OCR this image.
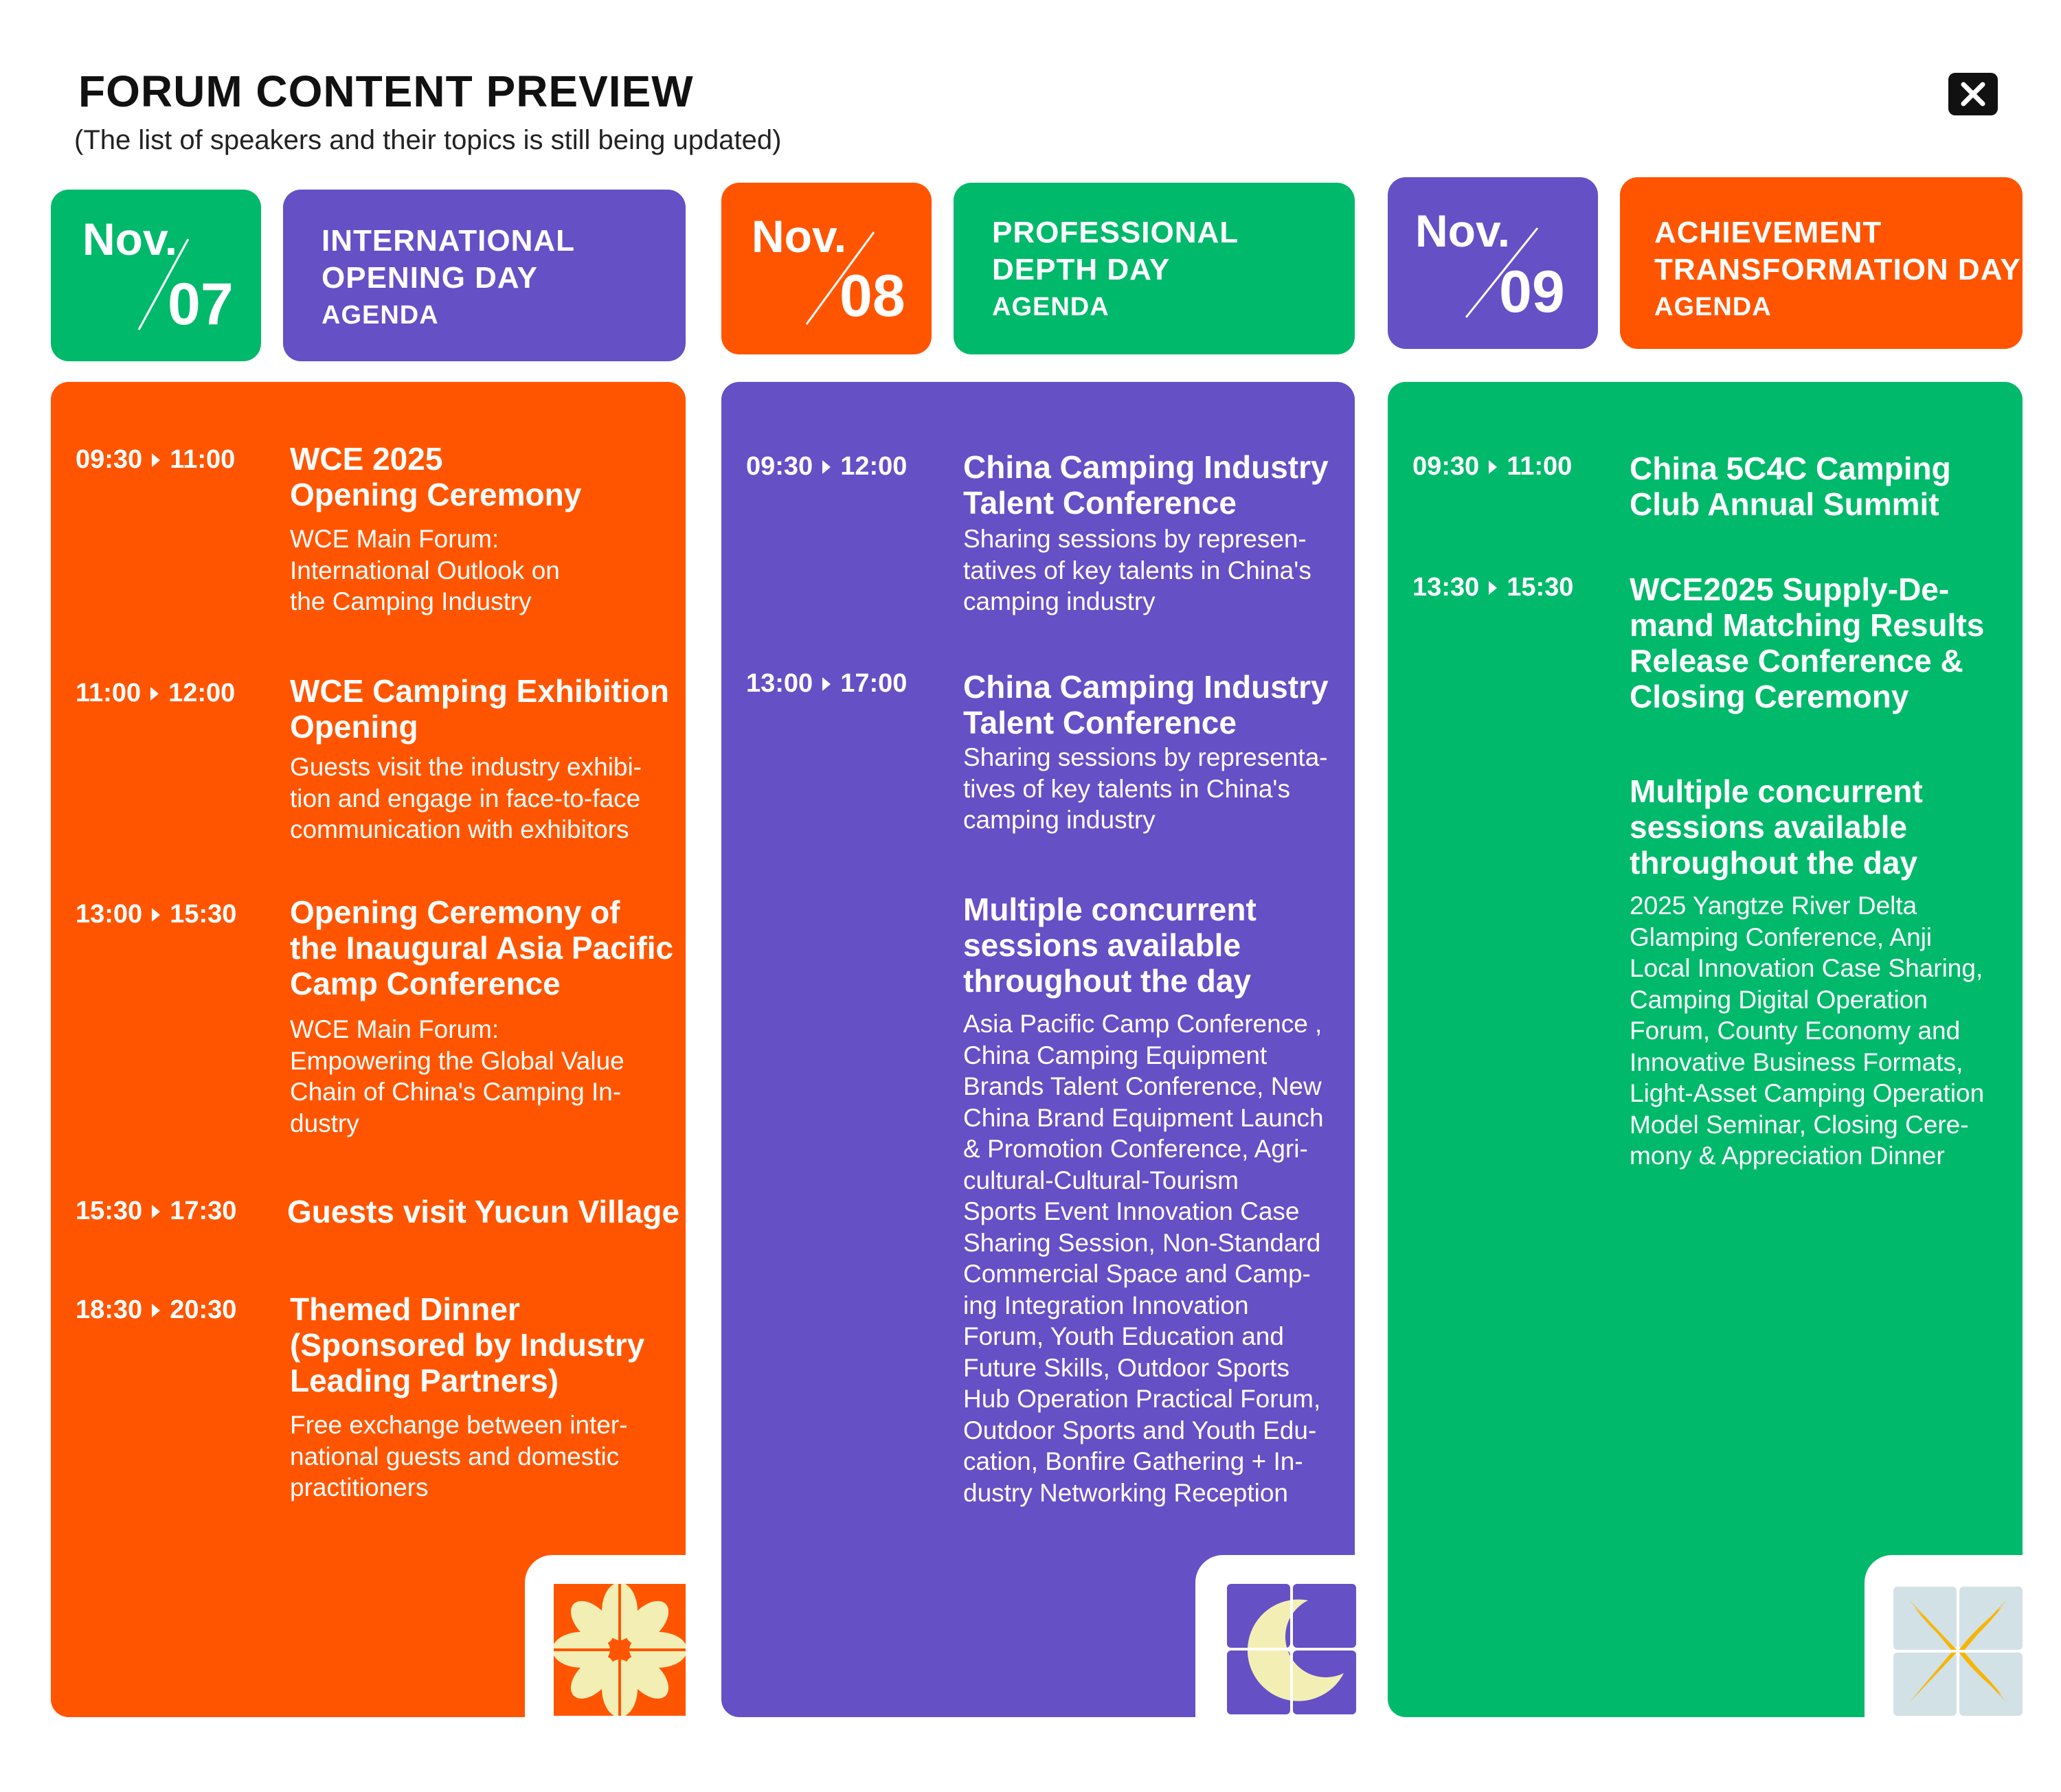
FORUM CONTENT PREVIEW
(The list of speakers and their topics is still being updated)
Nov.
07
INTERNATIONAL
OPENING DAY
AGENDA
09:30 11:00 WCE 2025
Opening Ceremony
WCE Main Forum:
International Outlook on
the Camping Industry
11:00 12:00 WCE Camping Exhibition
Opening
Guests visit the industry exhibi-
tion and engage in face-to-face
communication with exhibitors
13:00 15:30 Opening Ceremony of
the Inaugural Asia Pacific
Camp Conference
WCE Main Forum:
Empowering the Global Value
Chain of China's Camping In-
dustry
15:30 17:30 Guests visit Yucun Village
18:30 20:30 Themed Dinner
(Sponsored by Industry
Leading Partners)
Free exchange between inter-
national guests and domestic
practitioners
Nov.
08
PROFESSIONAL
DEPTH DAY
AGENDA
09:30 12:00 China Camping Industry
Talent Conference
Sharing sessions by represen-
tatives of key talents in China's
camping industry
13:00 17:00 China Camping Industry
Talent Conference
Sharing sessions by representa-
tives of key talents in China's
camping industry
Multiple concurrent
sessions available
throughout the day
Asia Pacific Camp Conference ,
China Camping Equipment
Brands Talent Conference, New
China Brand Equipment Launch
& Promotion Conference, Agri-
cultural-Cultural-Tourism
Sports Event Innovation Case
Sharing Session, Non-Standard
Commercial Space and Camp-
ing Integration Innovation
Forum, Youth Education and
Future Skills, Outdoor Sports
Hub Operation Practical Forum,
Outdoor Sports and Youth Edu-
cation, Bonfire Gathering + In-
dustry Networking Reception
Nov.
09
ACHIEVEMENT
TRANSFORMATION DAY
AGENDA
09:30 11:00 China 5C4C Camping
Club Annual Summit
13:30 15:30 WCE2025 Supply-De-
mand Matching Results
Release Conference &
Closing Ceremony
Multiple concurrent
sessions available
throughout the day
2025 Yangtze River Delta
Glamping Conference, Anji
Local Innovation Case Sharing,
Camping Digital Operation
Forum, County Economy and
Innovative Business Formats,
Light-Asset Camping Operation
Model Seminar, Closing Cere-
mony & Appreciation Dinner
